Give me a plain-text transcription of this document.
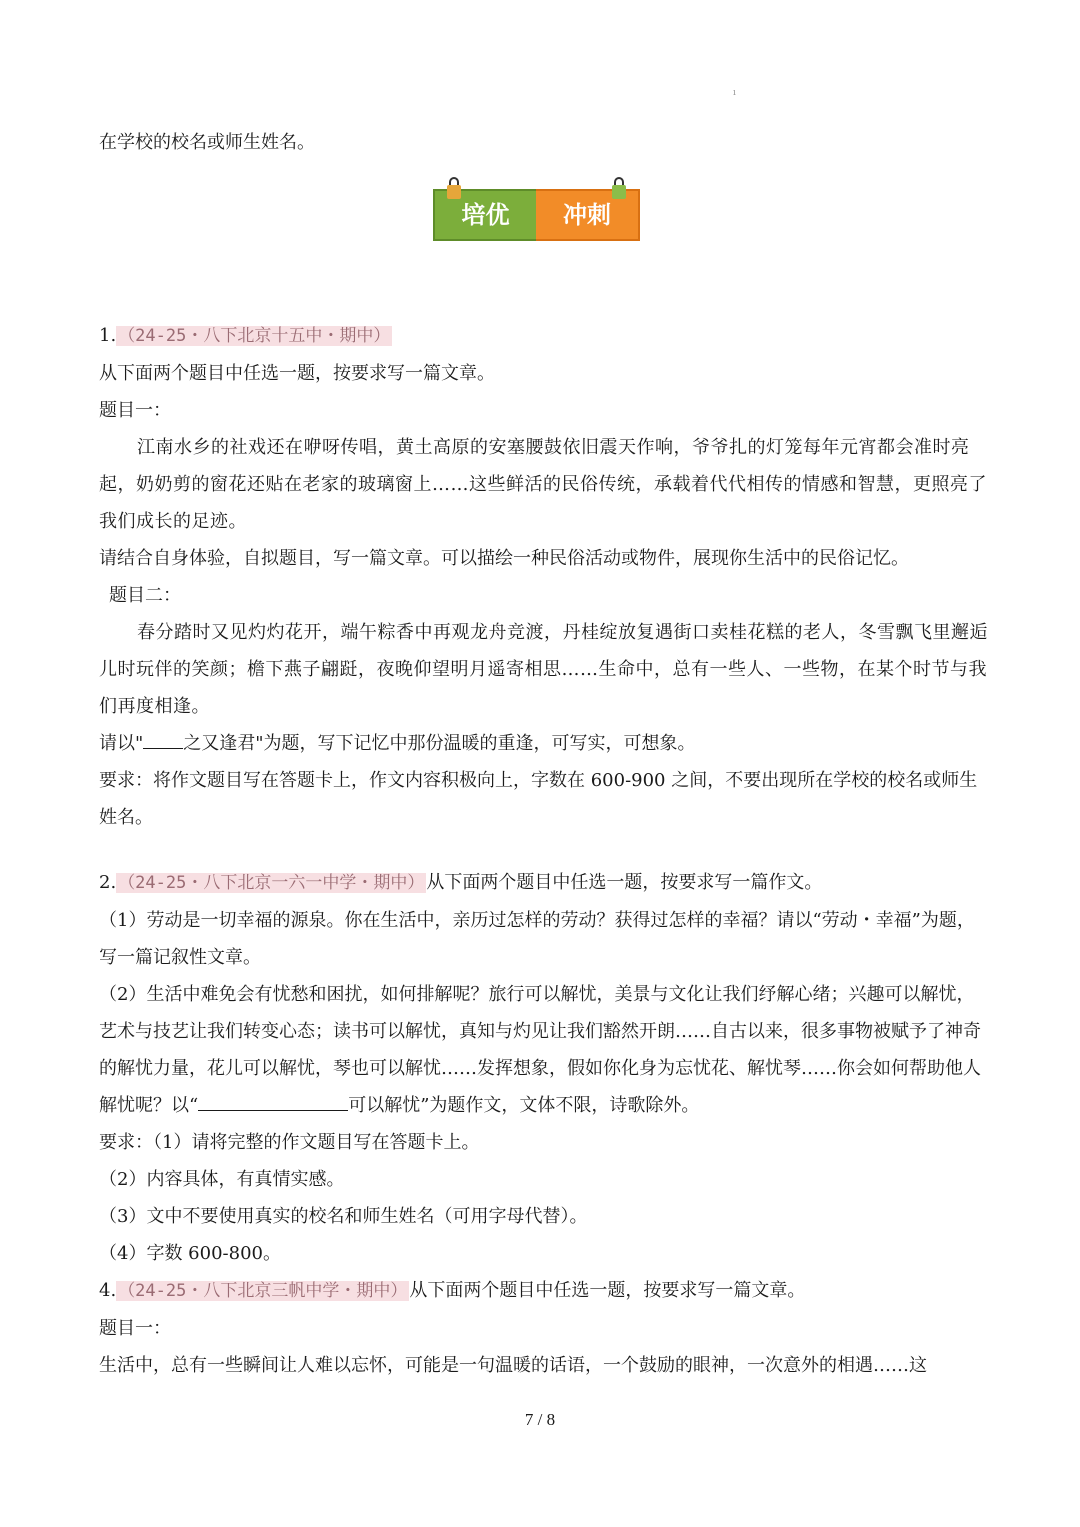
ı
在学校的校名或师生姓名。
培优	冲刺
1. （24-25・八下北京十五中・期中）
从下面两个题目中任选一题，按要求写一篇文章。
题目一：
江南水乡的社戏还在咿呀传唱，黄土高原的安塞腰鼓依旧震天作响，爷爷扎的灯笼每年元宵都会准时亮起，奶奶剪的窗花还贴在老家的玻璃窗上……这些鲜活的民俗传统，承载着代代相传的情感和智慧，更照亮了我们成长的足迹。
请结合自身体验，自拟题目，写一篇文章。可以描绘一种民俗活动或物件，展现你生活中的民俗记忆。
题目二：
春分踏时又见灼灼花开，端午粽香中再观龙舟竞渡，丹桂绽放复遇街口卖桂花糕的老人，冬雪飘飞里邂逅儿时玩伴的笑颜；檐下燕子翩跹，夜晚仰望明月遥寄相思……生命中，总有一些人、一些物，在某个时节与我们再度相逢。
请以" 之又逢君"为题，写下记忆中那份温暖的重逢，可写实，可想象。
要求：将作文题目写在答题卡上，作文内容积极向上，字数在 600-900 之间，不要出现所在学校的校名或师生姓名。
2. （24-25・八下北京一六一中学・期中） 从下面两个题目中任选一题，按要求写一篇作文。
（1）劳动是一切幸福的源泉。你在生活中，亲历过怎样的劳动？获得过怎样的幸福？请以“劳动・幸福”为题，写一篇记叙性文章。
（2）生活中难免会有忧愁和困扰，如何排解呢？旅行可以解忧，美景与文化让我们纾解心绪；兴趣可以解忧，艺术与技艺让我们转变心态；读书可以解忧，真知与灼见让我们豁然开朗……自古以来，很多事物被赋予了神奇的解忧力量，花儿可以解忧，琴也可以解忧……发挥想象，假如你化身为忘忧花、解忧琴……你会如何帮助他人解忧呢？以“	可以解忧”为题作文，文体不限，诗歌除外。
要求：（1）请将完整的作文题目写在答题卡上。
（2）内容具体，有真情实感。
（3）文中不要使用真实的校名和师生姓名（可用字母代替）。
（4）字数 600-800。
4. （24-25・八下北京三帆中学・期中） 从下面两个题目中任选一题，按要求写一篇文章。
题目一：
生活中，总有一些瞬间让人难以忘怀，可能是一句温暖的话语，一个鼓励的眼神，一次意外的相遇……这
7 / 8
